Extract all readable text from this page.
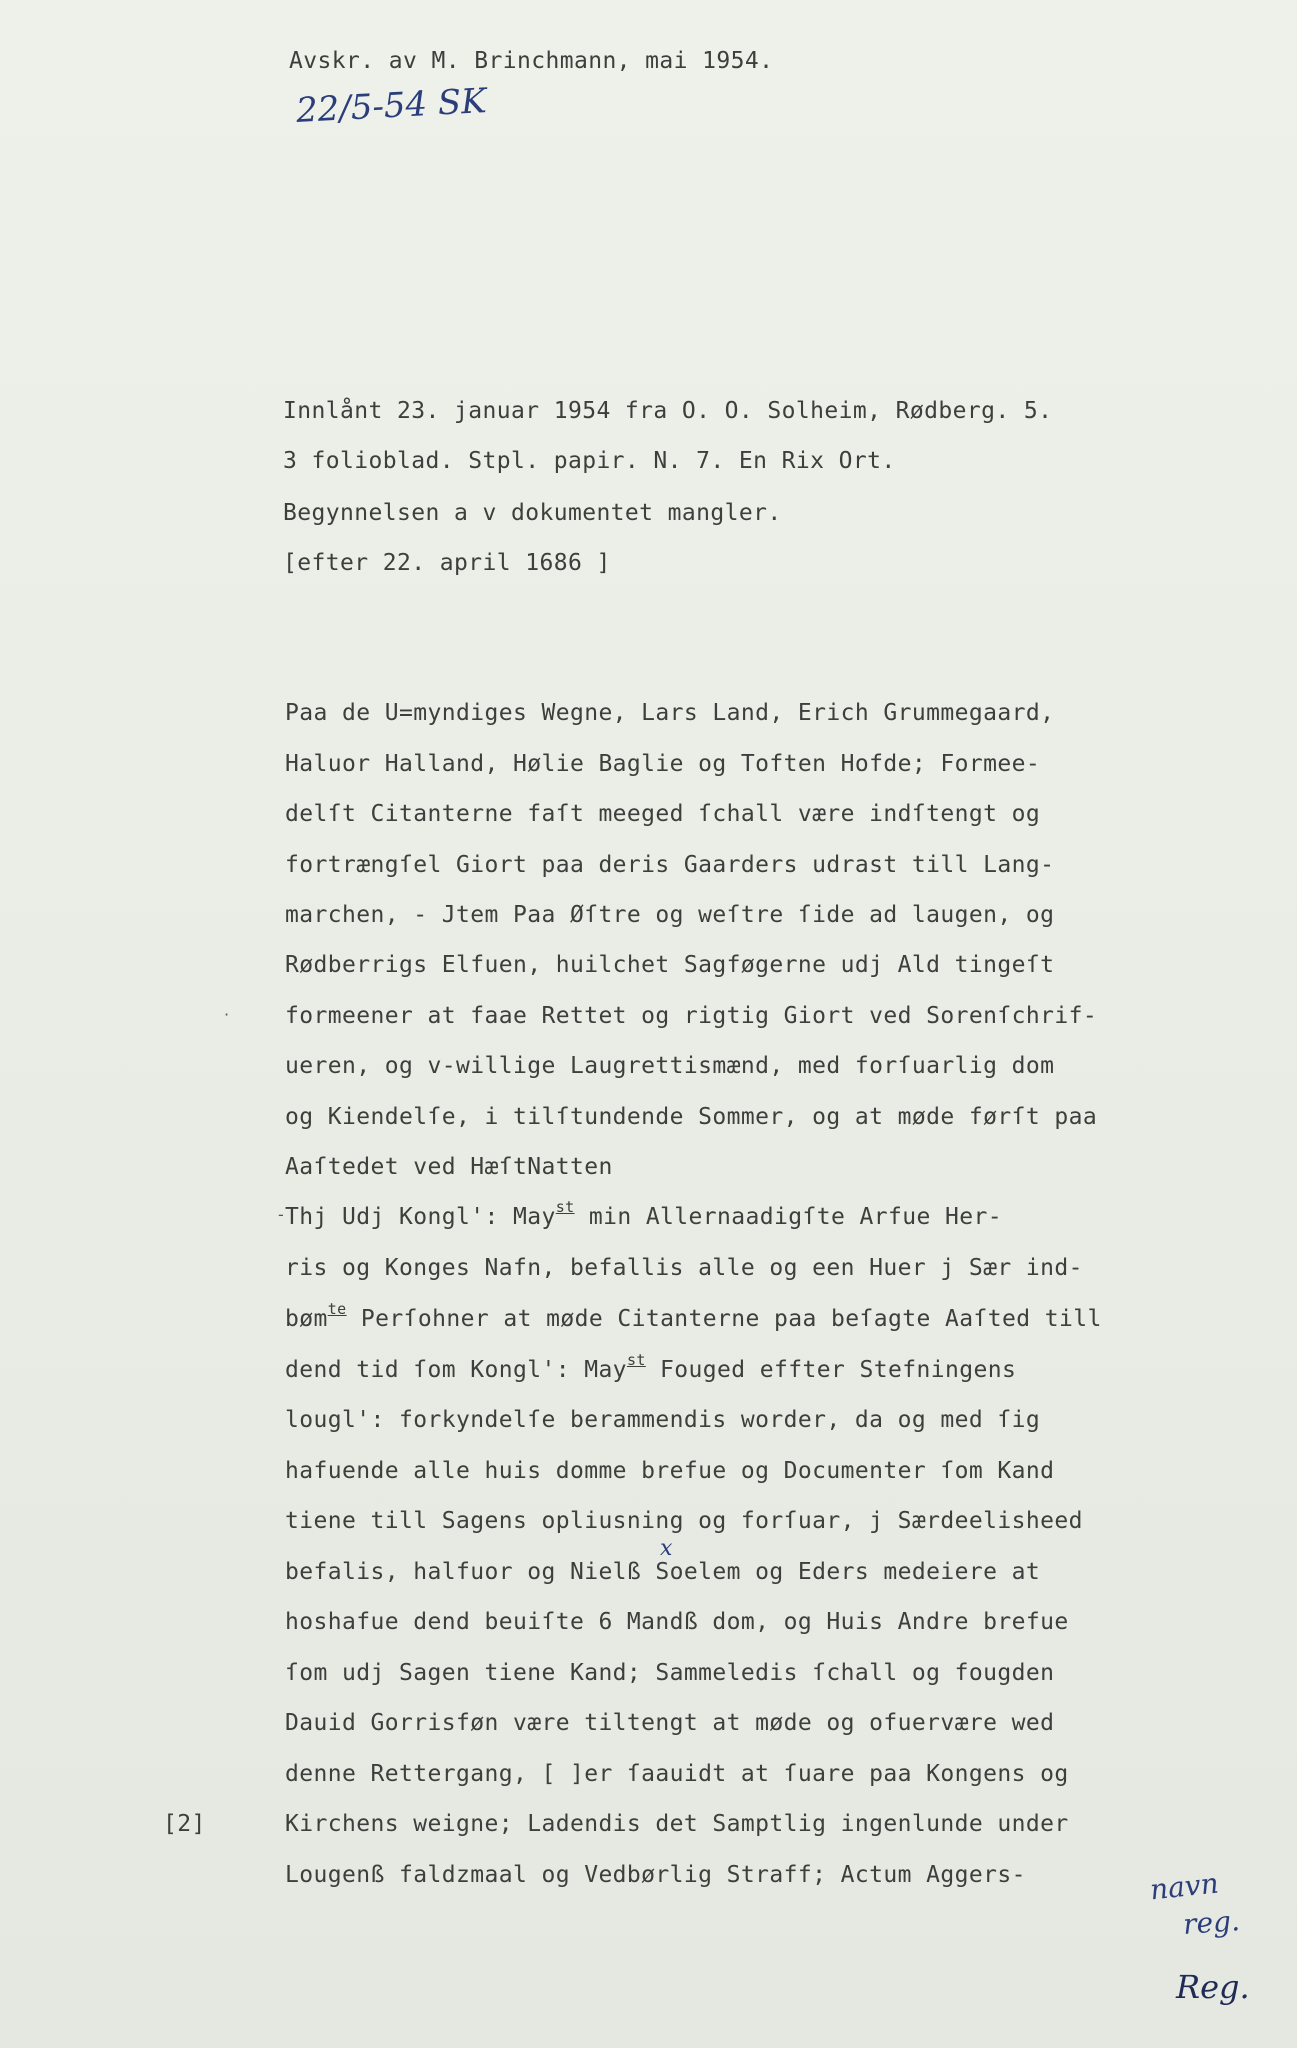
Avskr. av M. Brinchmann, mai 1954.
22/5-54 SK
Innlånt 23. januar 1954 fra O. O. Solheim, Rødberg. 5.
3 folioblad. Stpl. papir. N. 7. En Rix Ort.
Begynnelsen a v dokumentet mangler.
[efter 22. april 1686 ]
Paa de U=myndiges Wegne, Lars Land, Erich Grummegaard,
Haluor Halland, Hølie Baglie og Toften Hofde; Formee-
delſt Citanterne faſt meeged ſchall være indſtengt og
fortrængſel Giort paa deris Gaarders udrast till Lang-
marchen, - Jtem Paa Øſtre og weſtre ſide ad laugen, og
Rødberrigs Elfuen, huilchet Sagføgerne udj Ald tingeſt
formeener at faae Rettet og rigtig Giort ved Sorenſchrif-
ueren, og v-willige Laugrettismænd, med forſuarlig dom
og Kiendelſe, i tilſtundende Sommer, og at møde førſt paa
Aaſtedet ved HæſtNatten
Thj Udj Kongl': May$^{st}$ min Allernaadigſte Arfue Her-
ris og Konges Nafn, befallis alle og een Huer j Sær ind-
bøm$^{te}$ Perſohner at møde Citanterne paa beſagte Aaſted till
dend tid ſom Kongl': May$^{st}$ Fouged effter Stefningens
lougl': forkyndelſe berammendis worder, da og med ſig
hafuende alle huis domme brefue og Documenter ſom Kand
tiene till Sagens opliusning og forſuar, j Særdeelisheed
x
befalis, halfuor og Nielß Soelem og Eders medeiere at
hoshafue dend beuiſte 6 Mandß dom, og Huis Andre brefue
ſom udj Sagen tiene Kand; Sammeledis ſchall og fougden
Dauid Gorrisføn være tiltengt at møde og ofuervære wed
denne Rettergang, [ ]er ſaauidt at ſuare paa Kongens og
Kirchens weigne; Ladendis det Samptlig ingenlunde under
Lougenß faldzmaal og Vedbørlig Straff; Actum Aggers-
[2]
·
-
navn
reg.
Reg.
